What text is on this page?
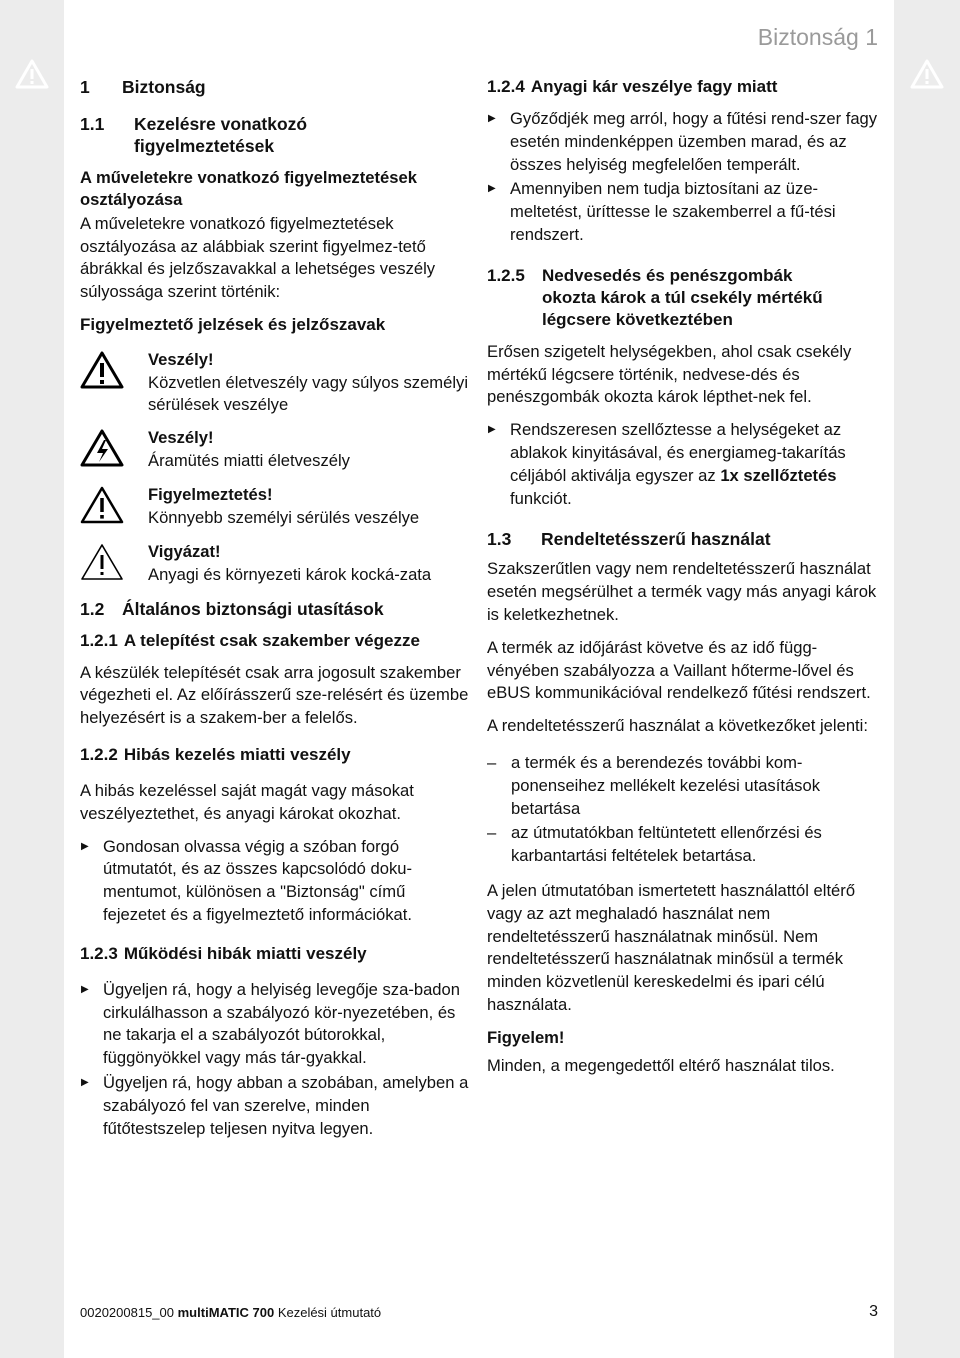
Biztonság 1
1	Biztonság
1.1	Kezelésre vonatkozó
figyelmeztetések
A műveletekre vonatkozó figyelmeztetések osztályozása

A műveletekre vonatkozó figyelmeztetések osztályozása az alábbiak szerint figyelmez-tető ábrákkal és jelzőszavakkal a lehetséges veszély súlyossága szerint történik:

Figyelmeztető jelzések és jelzőszavak
Veszély!
Közvetlen életveszély vagy súlyos személyi sérülések veszélye
Veszély!
Áramütés miatti életveszély
Figyelmeztetés!
Könnyebb személyi sérülés veszélye
Vigyázat!
Anyagi és környezeti károk kocká-zata
1.2	Általános biztonsági utasítások
1.2.1 A telepítést csak szakember végezze

A készülék telepítését csak arra jogosult szakember végezheti el. Az előírásszerű sze-relésért és üzembe helyezésért is a szakem-ber a felelős.

1.2.2 Hibás kezelés miatti veszély

A hibás kezeléssel saját magát vagy másokat veszélyeztethet, és anyagi károkat okozhat.

▶ Gondosan olvassa végig a szóban forgó útmutatót, és az összes kapcsolódó doku-mentumot, különösen a "Biztonság" című fejezetet és a figyelmeztető információkat.
1.2.3 Működési hibák miatti veszély
▶ Ügyeljen rá, hogy a helyiség levegője sza-badon cirkulálhasson a szabályozó kör-nyezetében, és ne takarja el a szabályozót bútorokkal, függönyökkel vagy más tár-gyakkal.
▶ Ügyeljen rá, hogy abban a szobában, amelyben a szabályozó fel van szerelve, minden fűtőtestszelep teljesen nyitva legyen.
1.2.4 Anyagi kár veszélye fagy miatt
▶ Győződjék meg arról, hogy a fűtési rend-szer fagy esetén mindenképpen üzemben marad, és az összes helyiség megfelelően temperált.
▶ Amennyiben nem tudja biztosítani az üze-meltetést, üríttesse le szakemberrel a fű-tési rendszert.
1.2.5	Nedvesedés és penészgombák
okozta károk a túl csekély mértékű
légcsere következtében

Erősen szigetelt helységekben, ahol csak csekély mértékű légcsere történik, nedvese-dés és penészgombák okozta károk lépthet-nek fel.

▶ Rendszeresen szellőztesse a helységeket az ablakok kinyitásával, és energiameg-takarítás céljából aktiválja egyszer az 1x szellőztetés funkciót.
1.3	Rendeltetésszerű használat

Szakszerűtlen vagy nem rendeltetésszerű használat esetén megsérülhet a termék vagy más anyagi károk is keletkezhetnek.

A termék az időjárást követve és az idő függ-vényében szabályozza a Vaillant hőterme-lővel és eBUS kommunikációval rendelkező fűtési rendszert.

A rendeltetésszerű használat a következőket jelenti:

– a termék és a berendezés további kom-ponenseihez mellékelt kezelési utasítások betartása
– az útmutatókban feltüntetett ellenőrzési és karbantartási feltételek betartása.

A jelen útmutatóban ismertetett használattól eltérő vagy az azt meghaladó használat nem rendeltetésszerű használatnak minősül. Nem rendeltetésszerű használatnak minősül a termék minden közvetlenül kereskedelmi és ipari célú használata.

Figyelem!

Minden, a megengedettől eltérő használat tilos.

0020200815_00 multiMATIC 700 Kezelési útmutató	3
